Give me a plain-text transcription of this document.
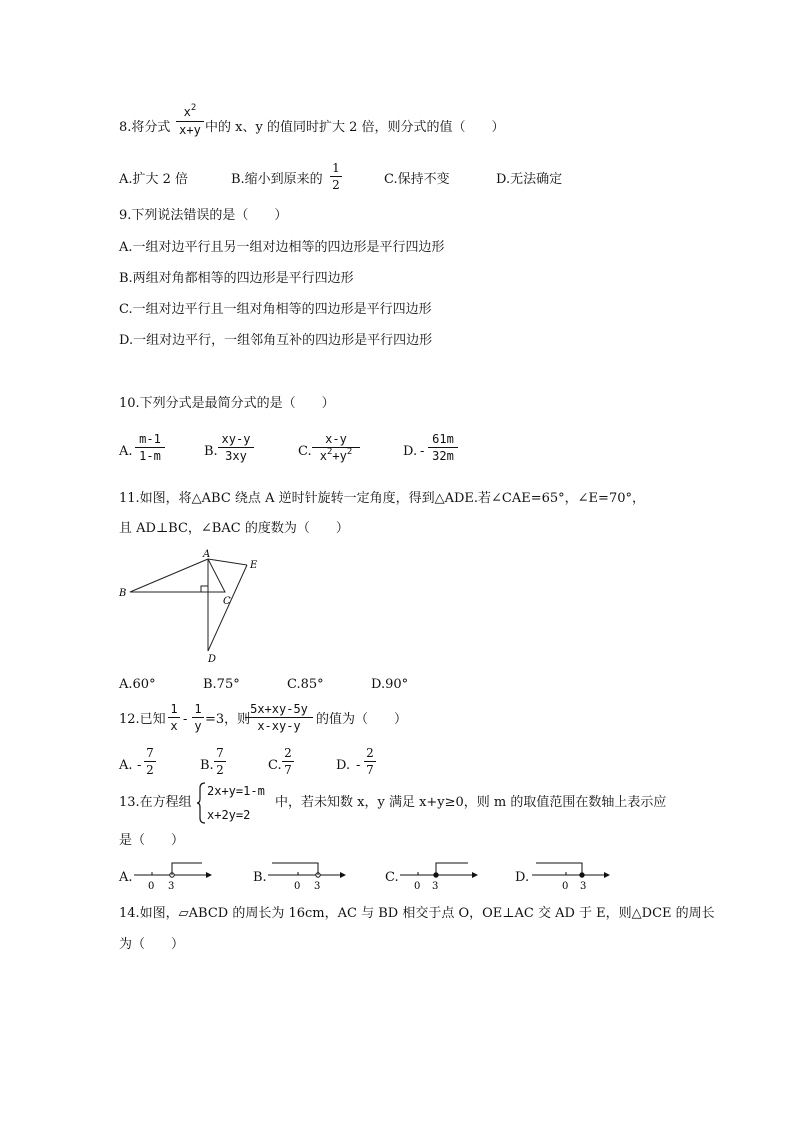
8.将分式
$x^2$
x+y 中的 x、y 的值同时扩大 2 倍，则分式的值（　　）
A.扩大 2 倍	B.缩小到原来的
1
2	C.保持不变	D.无法确定
9.下列说法错误的是（　　）
A.一组对边平行且另一组对边相等的四边形是平行四边形
B.两组对角都相等的四边形是平行四边形
C.一组对边平行且一组对角相等的四边形是平行四边形
D.一组对边平行，一组邻角互补的四边形是平行四边形
10.下列分式是最简分式的是（　　）
A.
m-1
1-m	B.
xy-y
3xy	C.
x-y
$x^2+y^2$	D. -
61m
32m
11.如图，将△ABC 绕点 A 逆时针旋转一定角度，得到△ADE.若∠CAE=65°，∠E=70°，
且 AD⊥BC，∠BAC 的度数为（　　）
A
B
C
D
E
A.60°	B.75°	C.85°	D.90°
12.已知
1
x -
1
y =3，则
5x+xy-5y
x-xy-y	的值为（　　）
A. -
7
2	B.
7
2	C.
2
7	D. -
2
7
13.在方程组
2x+y=1-m
x+2y=2
中，若未知数 x，y 满足 x+y≥0，则 m 的取值范围在数轴上表示应
是（　　）
A.
0 3
B.
0 3
C.
0 3
D.
0 3
14.如图，▱ABCD 的周长为 16cm，AC 与 BD 相交于点 O，OE⊥AC 交 AD 于 E，则△DCE 的周长
为（　　）
